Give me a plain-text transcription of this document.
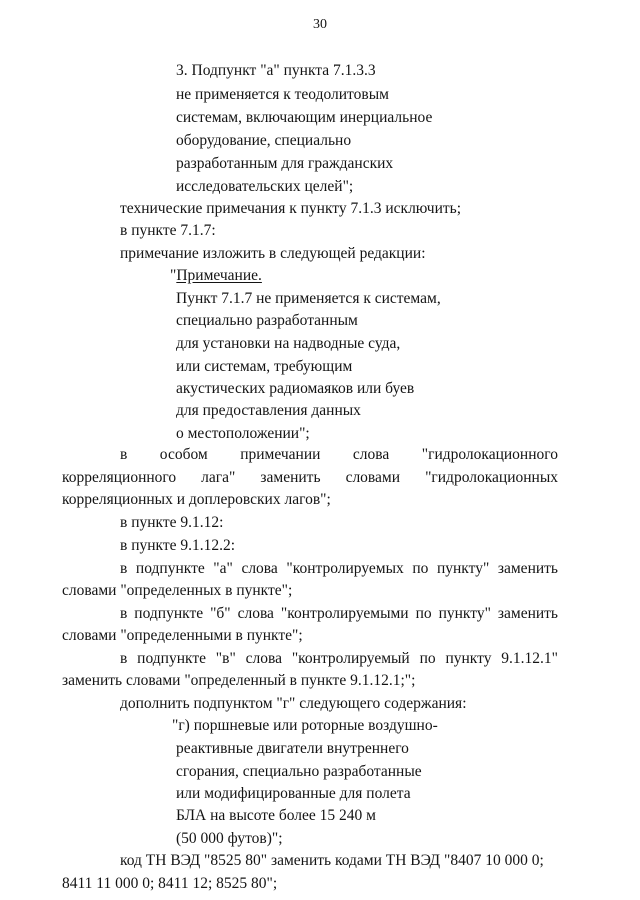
30
3. Подпункт "а" пункта 7.1.3.3
не применяется к теодолитовым
системам, включающим инерциальное
оборудование, специально
разработанным для гражданских
исследовательских целей";
технические примечания к пункту 7.1.3 исключить;
в пункте 7.1.7:
примечание изложить в следующей редакции:
"Примечание.
Пункт 7.1.7 не применяется к системам,
специально разработанным
для установки на надводные суда,
или системам, требующим
акустических радиомаяков или буев
для предоставления данных
о местоположении";
в особом примечании слова "гидролокационного
корреляционного лага" заменить словами "гидролокационных
корреляционных и доплеровских лагов";
в пункте 9.1.12:
в пункте 9.1.12.2:
в подпункте "а" слова "контролируемых по пункту" заменить
словами "определенных в пункте";
в подпункте "б" слова "контролируемыми по пункту" заменить
словами "определенными в пункте";
в подпункте "в" слова "контролируемый по пункту 9.1.12.1"
заменить словами "определенный в пункте 9.1.12.1;";
дополнить подпунктом "г" следующего содержания:
"г) поршневые или роторные воздушно-
реактивные двигатели внутреннего
сгорания, специально разработанные
или модифицированные для полета
БЛА на высоте более 15 240 м
(50 000 футов)";
код ТН ВЭД "8525 80" заменить кодами ТН ВЭД "8407 10 000 0;
8411 11 000 0; 8411 12; 8525 80";
